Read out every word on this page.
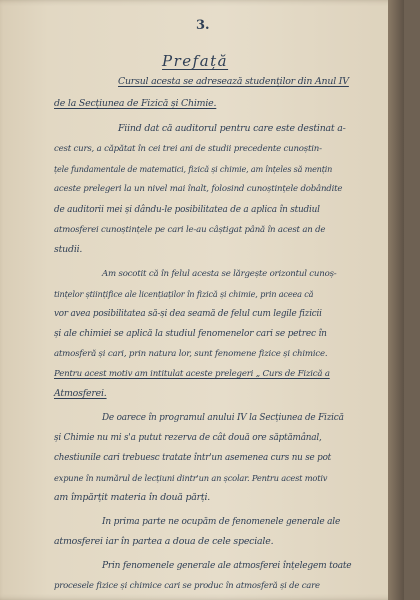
3.
Prefață
Cursul acesta se adresează studenților din Anul IV
de la Secțiunea de Fizică și Chimie.
Fiind dat că auditorul pentru care este destinat a-
cest curs, a căpătat în cei trei ani de studii precedente cunoștin-
țele fundamentale de matematici, fizică și chimie, am înțeles să mențin
aceste prelegeri la un nivel mai înalt, folosind cunoștințele dobândite
de auditorii mei și dându-le posibilitatea de a aplica în studiul
atmosferei cunoștințele pe cari le-au câștigat până în acest an de
studii.
Am socotit că în felul acesta se lărgește orizontul cunoș-
tințelor științifice ale licențiaților în fizică și chimie, prin aceea că
vor avea posibilitatea să-și dea seamă de felul cum legile fizicii
și ale chimiei se aplică la studiul fenomenelor cari se petrec în
atmosferă și cari, prin natura lor, sunt fenomene fizice și chimice.
Pentru acest motiv am intitulat aceste prelegeri „ Curs de Fizică a
Atmosferei.
De oarece în programul anului IV la Secțiunea de Fizică
și Chimie nu mi s'a putut rezerva de cât două ore săptămânal,
chestiunile cari trebuesc tratate într'un asemenea curs nu se pot
expune în numărul de lecțiuni dintr'un an școlar. Pentru acest motiv
am împărțit materia în două părți.
In prima parte ne ocupăm de fenomenele generale ale
atmosferei iar în partea a doua de cele speciale.
Prin fenomenele generale ale atmosferei înțelegem toate
procesele fizice și chimice cari se produc în atmosferă și de care
